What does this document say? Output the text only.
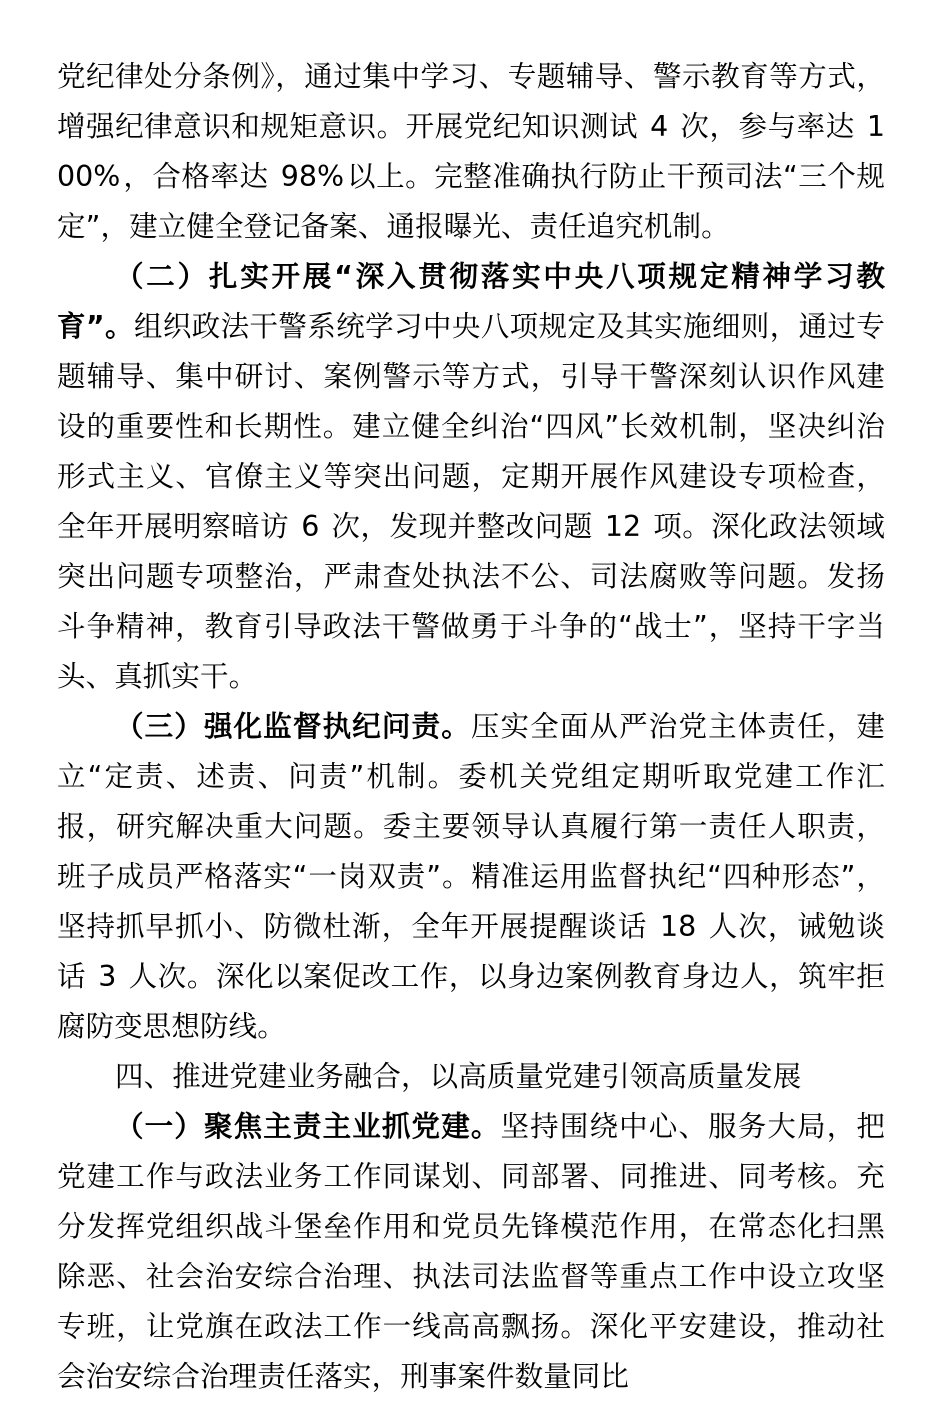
党纪律处分条例》，通过集中学习、专题辅导、警示教育等方式，增强纪律意识和规矩意识。开展党纪知识测试 4 次，参与率达 100%，合格率达 98%以上。完整准确执行防止干预司法“三个规定”，建立健全登记备案、通报曝光、责任追究机制。

（二）扎实开展“深入贯彻落实中央八项规定精神学习教育”。组织政法干警系统学习中央八项规定及其实施细则，通过专题辅导、集中研讨、案例警示等方式，引导干警深刻认识作风建设的重要性和长期性。建立健全纠治“四风”长效机制，坚决纠治形式主义、官僚主义等突出问题，定期开展作风建设专项检查，全年开展明察暗访 6 次，发现并整改问题 12 项。深化政法领域突出问题专项整治，严肃查处执法不公、司法腐败等问题。发扬斗争精神，教育引导政法干警做勇于斗争的“战士”，坚持干字当头、真抓实干。

（三）强化监督执纪问责。压实全面从严治党主体责任，建立“定责、述责、问责”机制。委机关党组定期听取党建工作汇报，研究解决重大问题。委主要领导认真履行第一责任人职责，班子成员严格落实“一岗双责”。精准运用监督执纪“四种形态”，坚持抓早抓小、防微杜渐，全年开展提醒谈话 18 人次，诫勉谈话 3 人次。深化以案促改工作，以身边案例教育身边人，筑牢拒腐防变思想防线。

四、推进党建业务融合，以高质量党建引领高质量发展

（一）聚焦主责主业抓党建。坚持围绕中心、服务大局，把党建工作与政法业务工作同谋划、同部署、同推进、同考核。充分发挥党组织战斗堡垒作用和党员先锋模范作用，在常态化扫黑除恶、社会治安综合治理、执法司法监督等重点工作中设立攻坚专班，让党旗在政法工作一线高高飘扬。深化平安建设，推动社会治安综合治理责任落实，刑事案件数量同比
